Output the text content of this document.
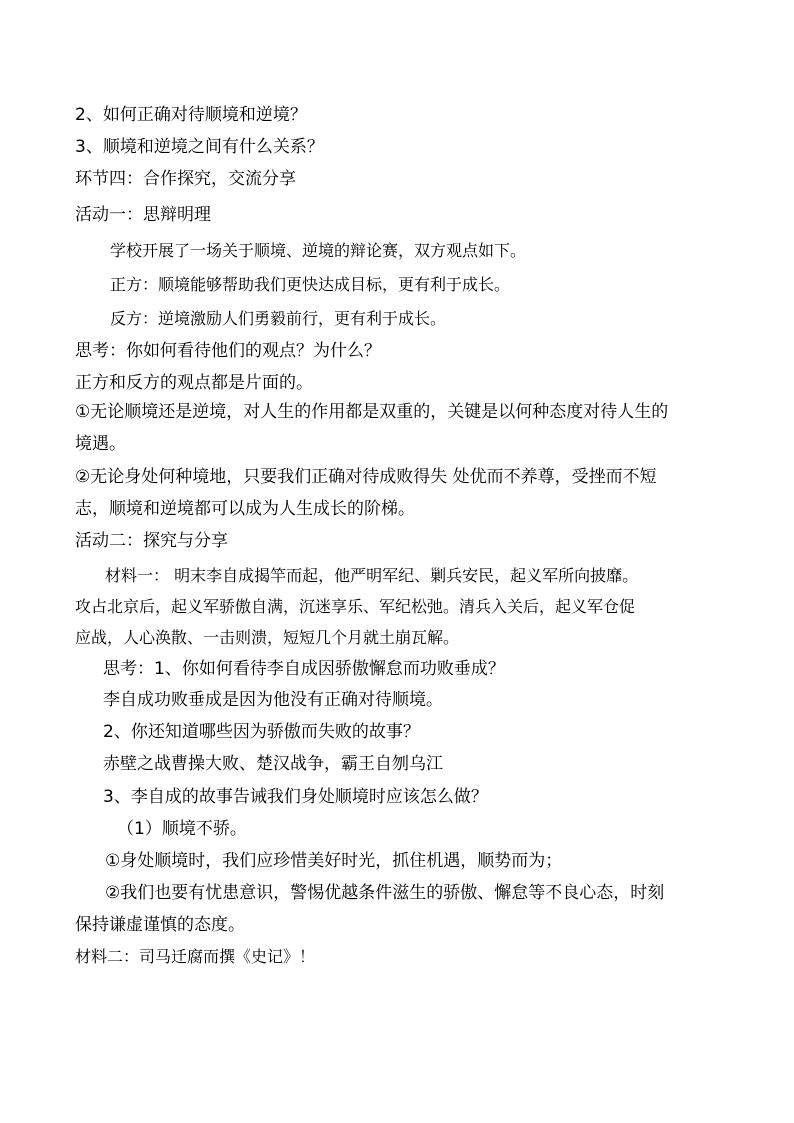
2、如何正确对待顺境和逆境？
3、顺境和逆境之间有什么关系？
环节四：合作探究，交流分享
活动一：思辩明理
学校开展了一场关于顺境、逆境的辩论赛，双方观点如下。
正方：顺境能够帮助我们更快达成目标，更有利于成长。
反方：逆境激励人们勇毅前行，更有利于成长。
思考：你如何看待他们的观点？为什么？
正方和反方的观点都是片面的。
①无论顺境还是逆境，对人生的作用都是双重的，关键是以何种态度对待人生的
境遇。
②无论身处何种境地，只要我们正确对待成败得失 处优而不养尊，受挫而不短
志，顺境和逆境都可以成为人生成长的阶梯。
活动二：探究与分享
材料一： 明末李自成揭竿而起，他严明军纪、剿兵安民，起义军所向披靡。
攻占北京后，起义军骄傲自满，沉迷享乐、军纪松弛。清兵入关后，起义军仓促
应战，人心涣散、一击则溃，短短几个月就土崩瓦解。
思考：1、你如何看待李自成因骄傲懈怠而功败垂成？
李自成功败垂成是因为他没有正确对待顺境。
2、你还知道哪些因为骄傲而失败的故事？
赤壁之战曹操大败、楚汉战争，霸王自刎乌江
3、李自成的故事告诫我们身处顺境时应该怎么做？
（1）顺境不骄。
①身处顺境时，我们应珍惜美好时光，抓住机遇，顺势而为；
②我们也要有忧患意识，警惕优越条件滋生的骄傲、懈怠等不良心态，时刻
保持谦虚谨慎的态度。
材料二：司马迁腐而撰《史记》！
